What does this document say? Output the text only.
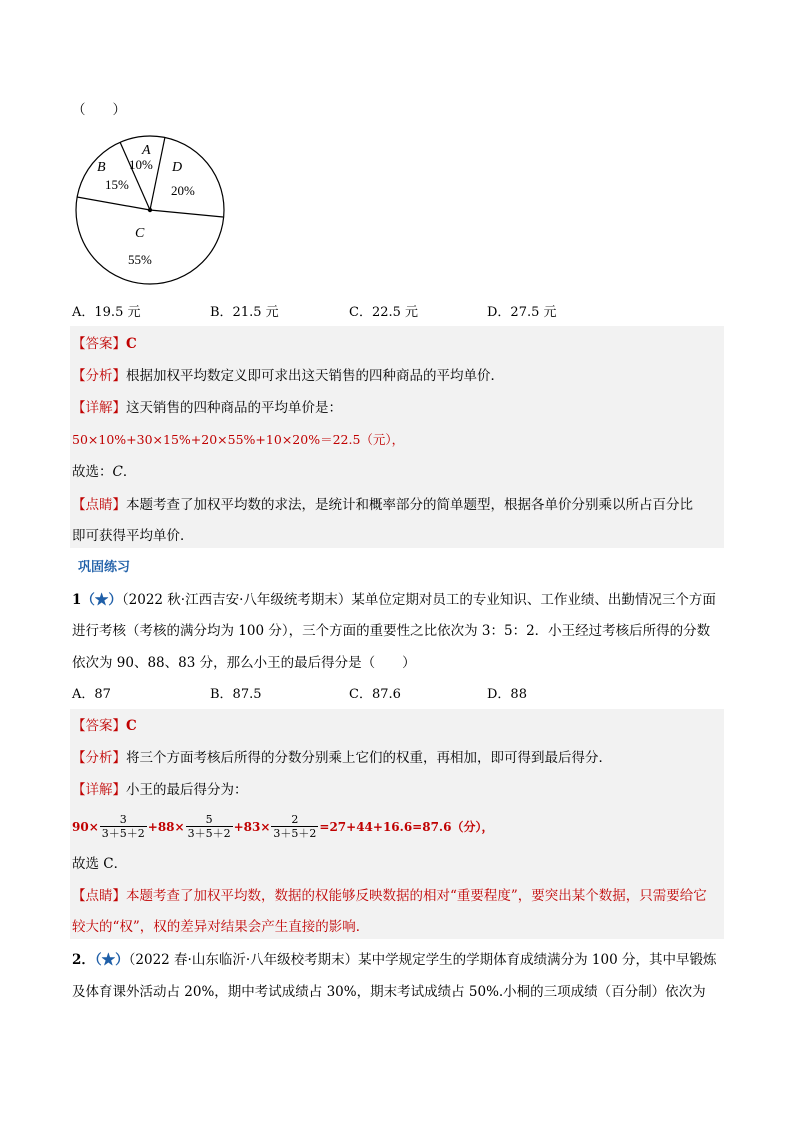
（　　）
A
10%
B
15%
D
20%
C
55%
A．19.5 元	B．21.5 元	C．22.5 元	D．27.5 元
【答案】C
【分析】根据加权平均数定义即可求出这天销售的四种商品的平均单价．
【详解】这天销售的四种商品的平均单价是：
50×10%+30×15%+20×55%+10×20%＝22.5（元），
故选：C．
【点睛】本题考查了加权平均数的求法，是统计和概率部分的简单题型，根据各单价分别乘以所占百分比
即可获得平均单价．
巩固练习
1（★）（2022 秋·江西吉安·八年级统考期末）某单位定期对员工的专业知识、工作业绩、出勤情况三个方面
进行考核（考核的满分均为 100 分），三个方面的重要性之比依次为 3：5：2．小王经过考核后所得的分数
依次为 90、88、83 分，那么小王的最后得分是（　　）
A．87	B．87.5	C．87.6	D．88
【答案】C
【分析】将三个方面考核后所得的分数分别乘上它们的权重，再相加，即可得到最后得分．
【详解】小王的最后得分为：
$90\times \frac{3}{3+5+2} +88\times \frac{5}{3+5+2} +83\times \frac{2}{3+5+2} =27+44+16.6=87.6$（分），
故选 C．
【点睛】本题考查了加权平均数，数据的权能够反映数据的相对“重要程度”，要突出某个数据，只需要给它
较大的“权”，权的差异对结果会产生直接的影响．
2．（★）（2022 春·山东临沂·八年级校考期末）某中学规定学生的学期体育成绩满分为 100 分，其中早锻炼
及体育课外活动占 20%，期中考试成绩占 30%，期末考试成绩占 50%.小桐的三项成绩（百分制）依次为
